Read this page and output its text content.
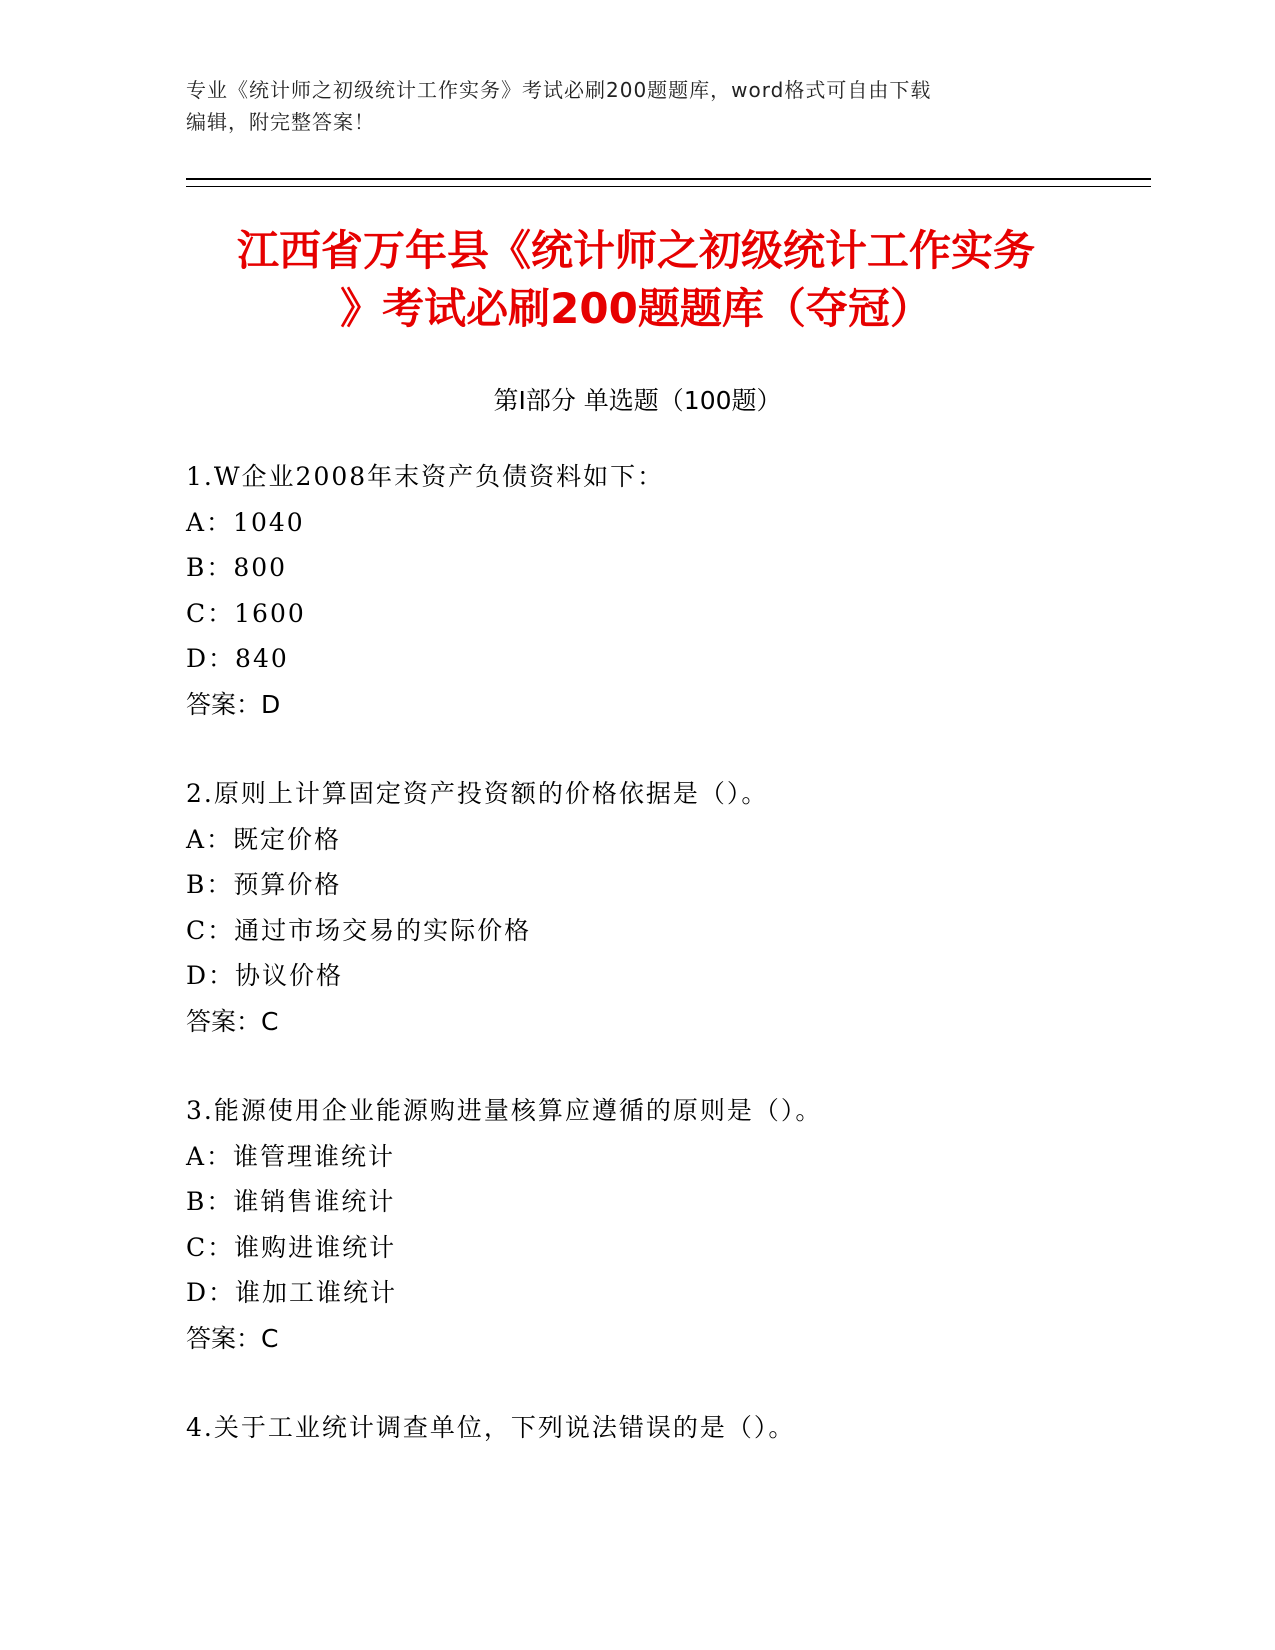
专业《统计师之初级统计工作实务》考试必刷200题题库，word格式可自由下载
编辑，附完整答案！
江西省万年县《统计师之初级统计工作实务
》考试必刷200题题库（夺冠）
第Ⅰ部分 单选题（100题）
1.W企业2008年末资产负债资料如下：
A：1040
B：800
C：1600
D：840
答案：D
2.原则上计算固定资产投资额的价格依据是（）。
A：既定价格
B：预算价格
C：通过市场交易的实际价格
D：协议价格
答案：C
3.能源使用企业能源购进量核算应遵循的原则是（）。
A：谁管理谁统计
B：谁销售谁统计
C：谁购进谁统计
D：谁加工谁统计
答案：C
4.关于工业统计调查单位，下列说法错误的是（）。
